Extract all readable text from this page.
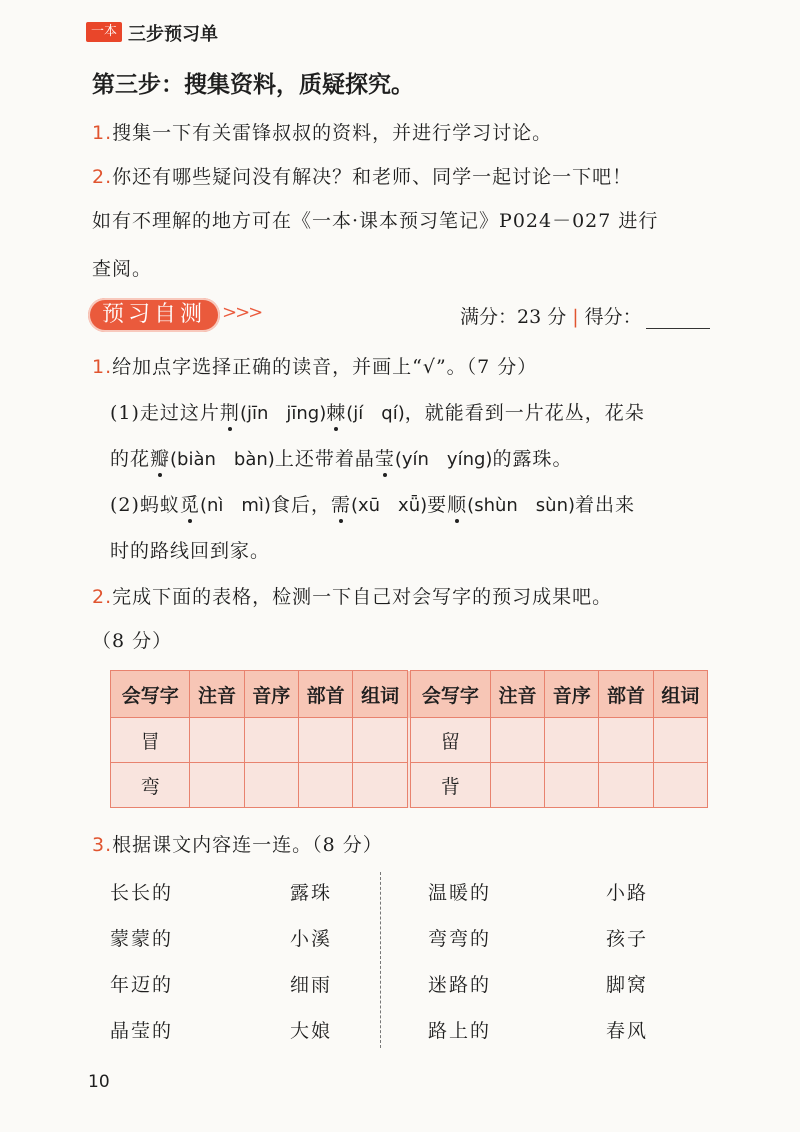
一本 三步预习单
第三步：搜集资料，质疑探究。
1.搜集一下有关雷锋叔叔的资料，并进行学习讨论。
2.你还有哪些疑问没有解决？和老师、同学一起讨论一下吧！
如有不理解的地方可在《一本·课本预习笔记》P024－027 进行
查阅。
预习自测 >>>	满分：23 分 | 得分：
1.给加点字选择正确的读音，并画上“√”。（7 分）
(1)走过这片荆(jīn　jīng)棘(jí　qí)，就能看到一片花丛，花朵
的花瓣(biàn　bàn)上还带着晶莹(yín　yíng)的露珠。
(2)蚂蚁觅(nì　mì)食后，需(xū　xǖ)要顺(shùn　sùn)着出来
时的路线回到家。
2.完成下面的表格，检测一下自己对会写字的预习成果吧。
（8 分）
会写字	注音	音序	部首	组词	会写字	注音	音序	部首	组词
冒					留				
弯					背				
3.根据课文内容连一连。（8 分）
长长的
蒙蒙的
年迈的
晶莹的
露珠
小溪
细雨
大娘
温暖的
弯弯的
迷路的
路上的
小路
孩子
脚窝
春风
10
